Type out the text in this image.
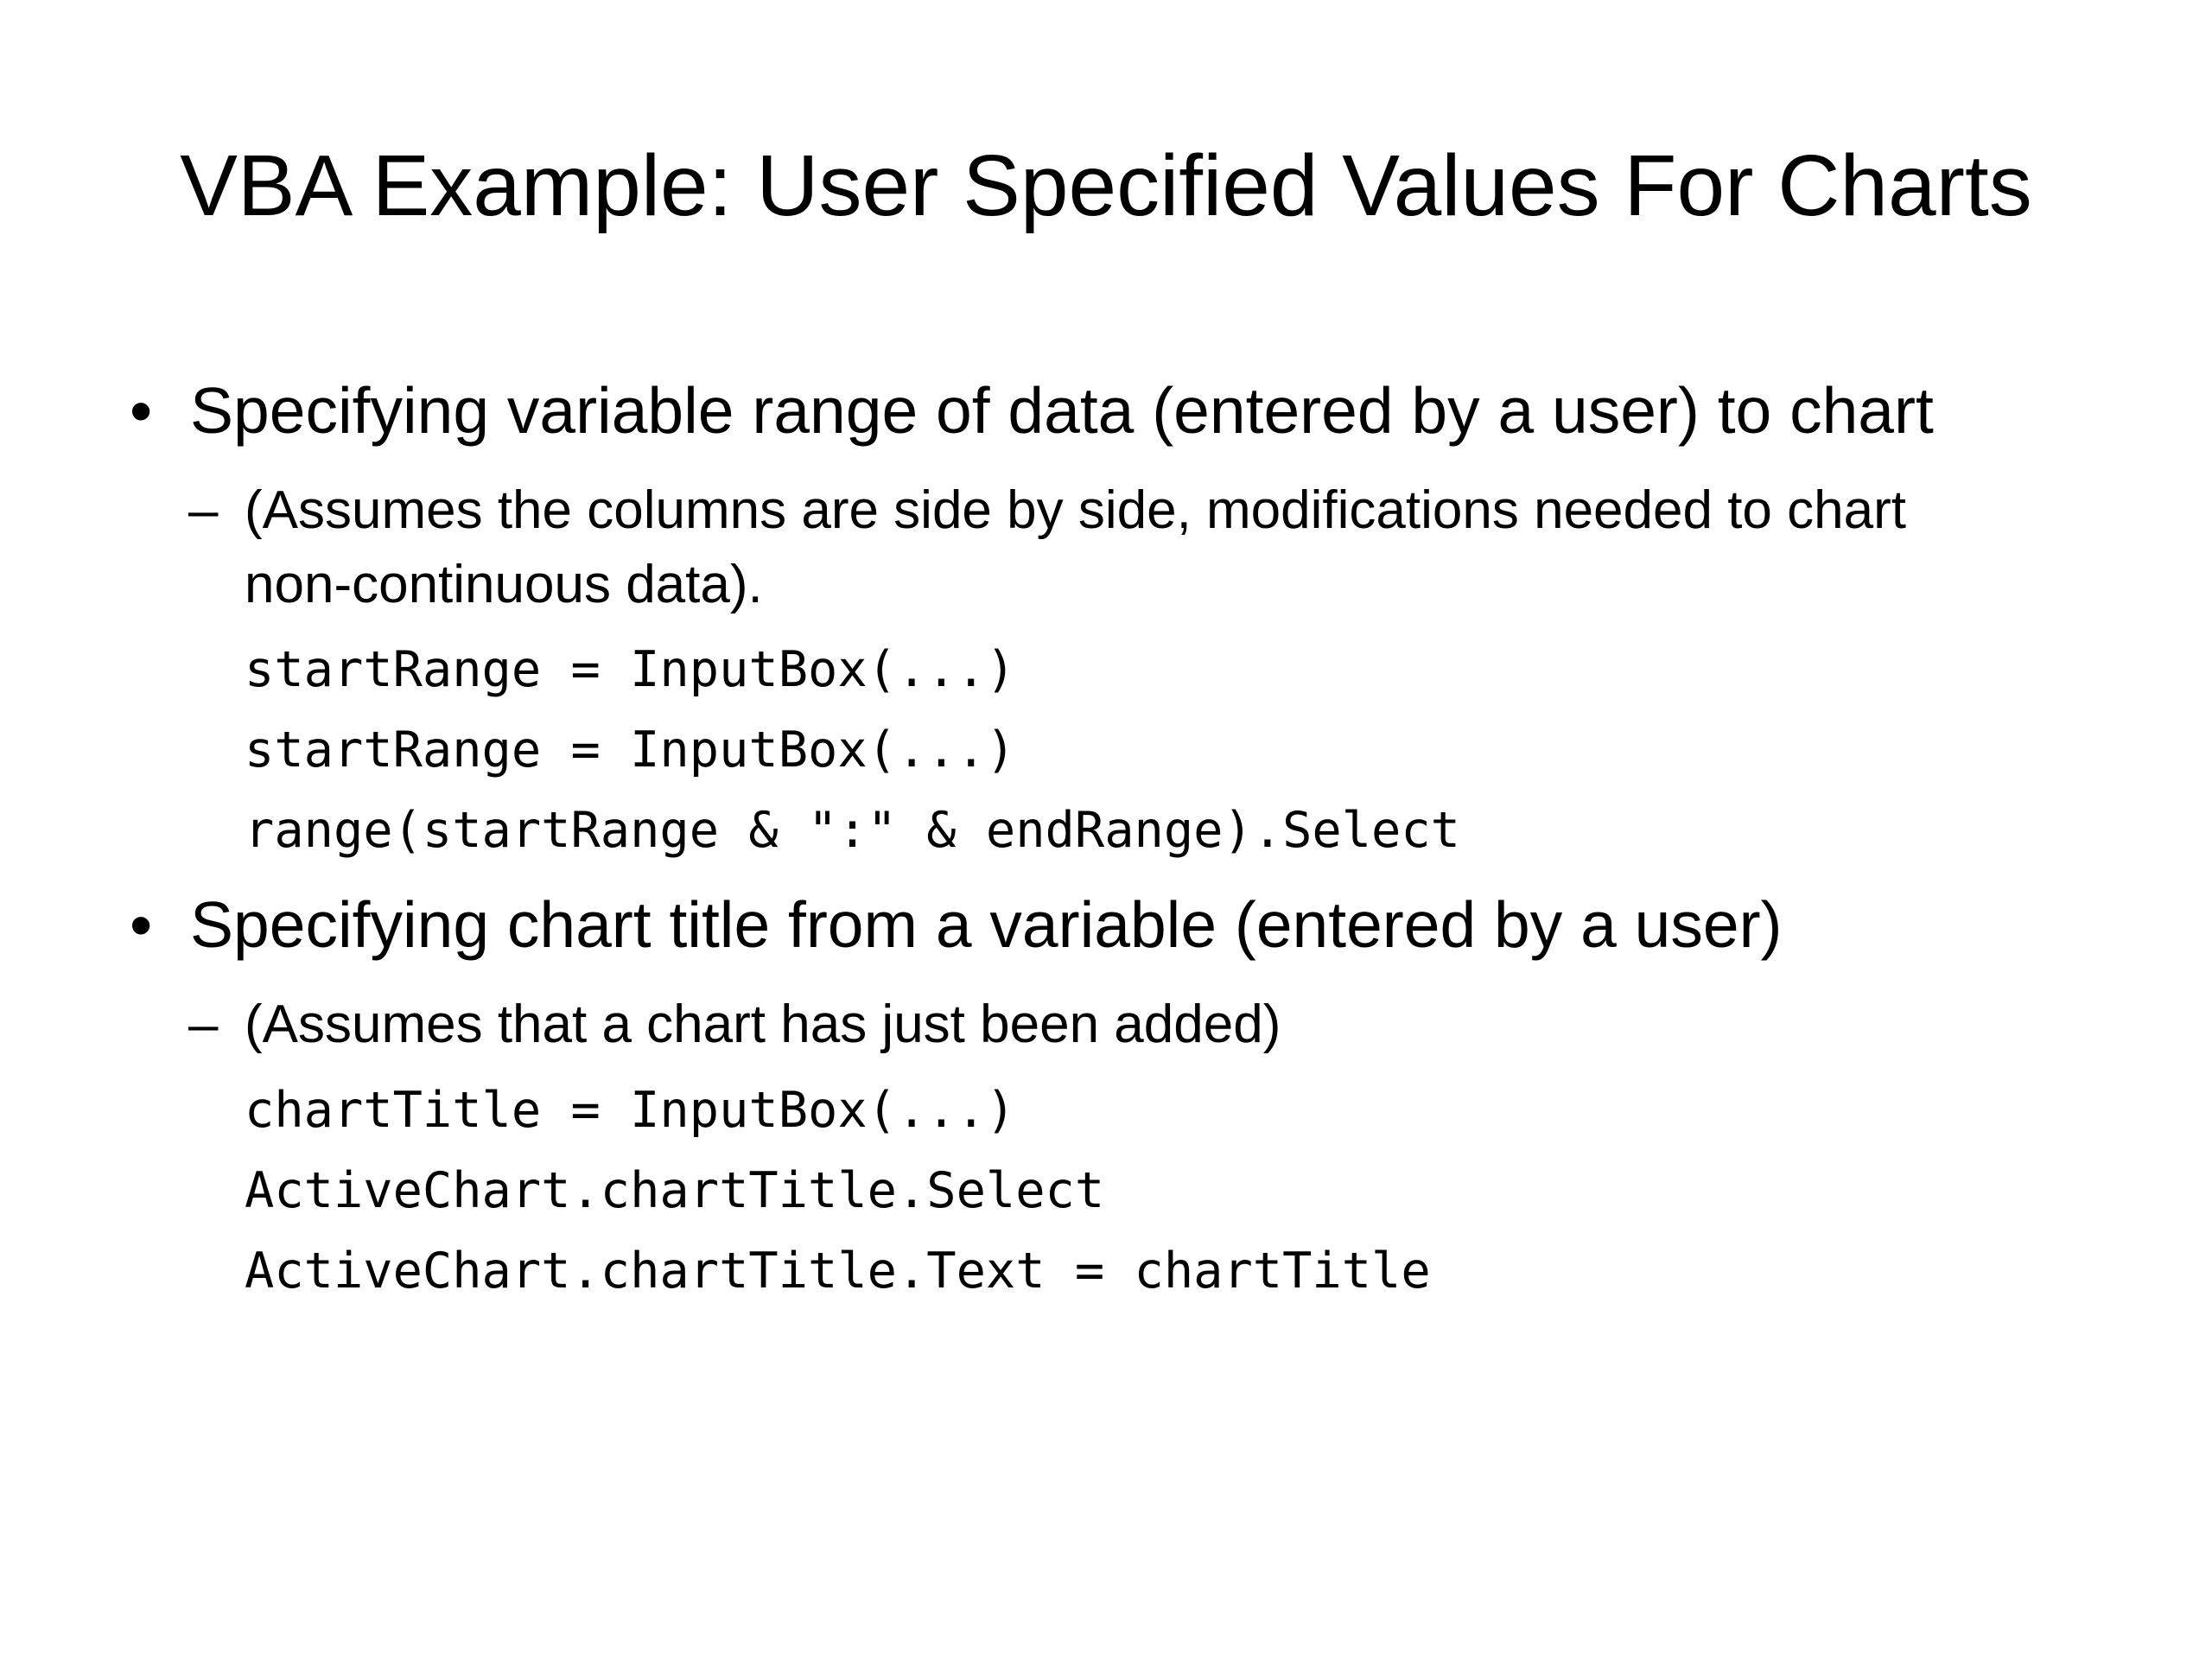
VBA Example: User Specified Values For Charts
• Specifying variable range of data (entered by a user) to chart
– (Assumes the columns are side by side, modifications needed to chart
non-continuous data).
startRange = InputBox(...)
startRange = InputBox(...)
range(startRange & ":" & endRange).Select
• Specifying chart title from a variable (entered by a user)
– (Assumes that a chart has just been added)
chartTitle = InputBox(...)
ActiveChart.chartTitle.Select
ActiveChart.chartTitle.Text = chartTitle
